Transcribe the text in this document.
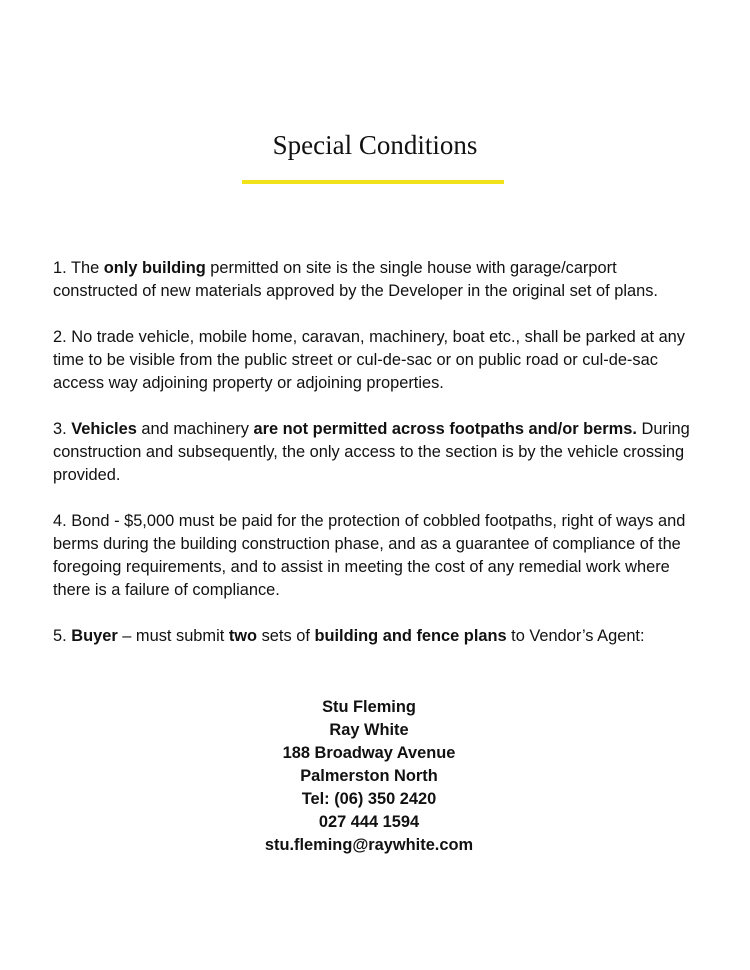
Special Conditions

1. The only building permitted on site is the single house with garage/carport constructed of new materials approved by the Developer in the original set of plans.

2. No trade vehicle, mobile home, caravan, machinery, boat etc., shall be parked at any time to be visible from the public street or cul-de-sac or on public road or cul-de-sac access way adjoining property or adjoining properties.

3. Vehicles and machinery are not permitted across footpaths and/or berms. During construction and subsequently, the only access to the section is by the vehicle crossing provided.

4. Bond - $5,000 must be paid for the protection of cobbled footpaths, right of ways and berms during the building construction phase, and as a guarantee of compliance of the foregoing requirements, and to assist in meeting the cost of any remedial work where there is a failure of compliance.

5. Buyer – must submit two sets of building and fence plans to Vendor’s Agent:

Stu Fleming
Ray White
188 Broadway Avenue
Palmerston North
Tel: (06) 350 2420
027 444 1594
stu.fleming@raywhite.com
